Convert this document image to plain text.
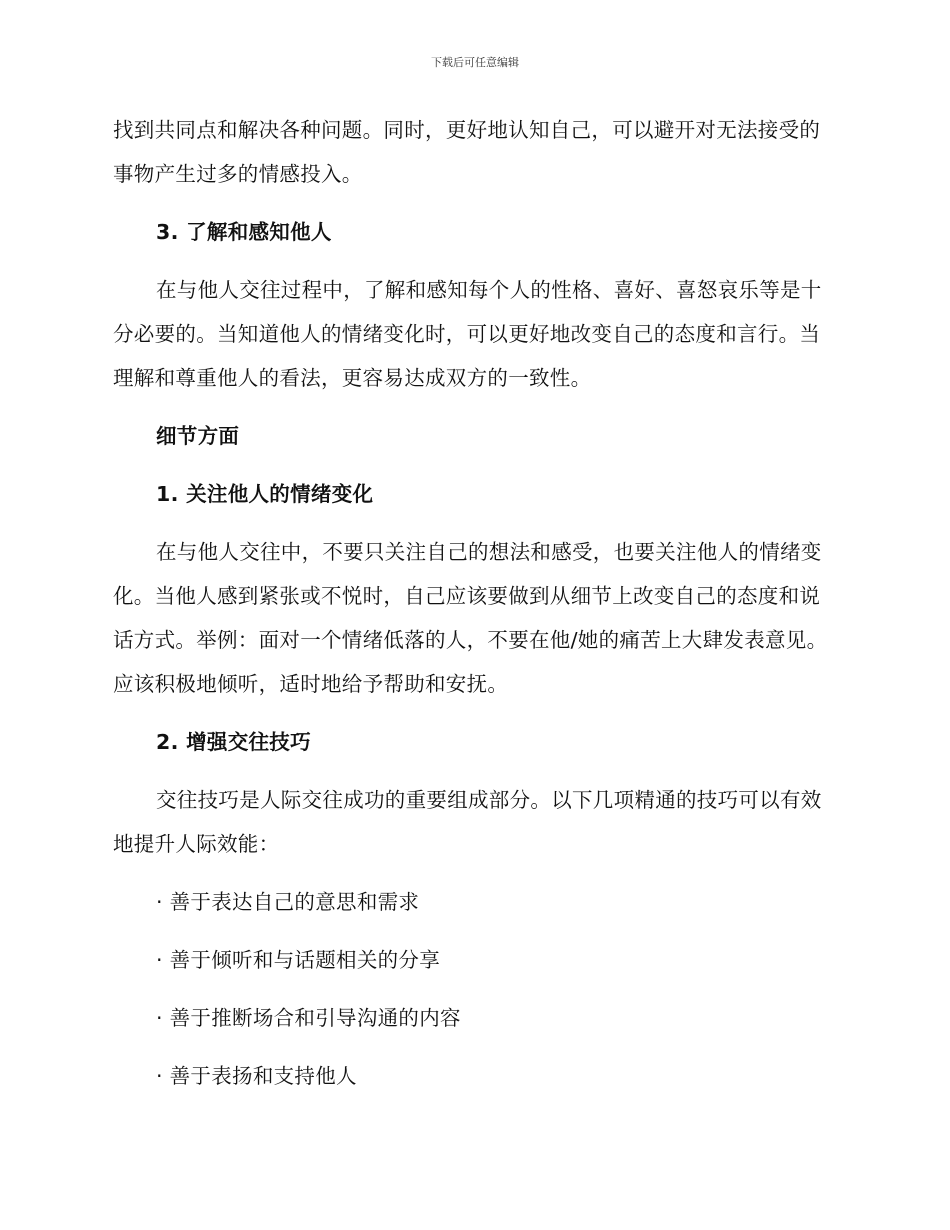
下载后可任意编辑

找到共同点和解决各种问题。同时，更好地认知自己，可以避开对无法接受的事物产生过多的情感投入。

3. 了解和感知他人

在与他人交往过程中，了解和感知每个人的性格、喜好、喜怒哀乐等是十分必要的。当知道他人的情绪变化时，可以更好地改变自己的态度和言行。当理解和尊重他人的看法，更容易达成双方的一致性。

细节方面
1. 关注他人的情绪变化

在与他人交往中，不要只关注自己的想法和感受，也要关注他人的情绪变化。当他人感到紧张或不悦时，自己应该要做到从细节上改变自己的态度和说话方式。举例：面对一个情绪低落的人，不要在他/她的痛苦上大肆发表意见。应该积极地倾听，适时地给予帮助和安抚。

2. 增强交往技巧

交往技巧是人际交往成功的重要组成部分。以下几项精通的技巧可以有效地提升人际效能：

· 善于表达自己的意思和需求
· 善于倾听和与话题相关的分享
· 善于推断场合和引导沟通的内容
· 善于表扬和支持他人
